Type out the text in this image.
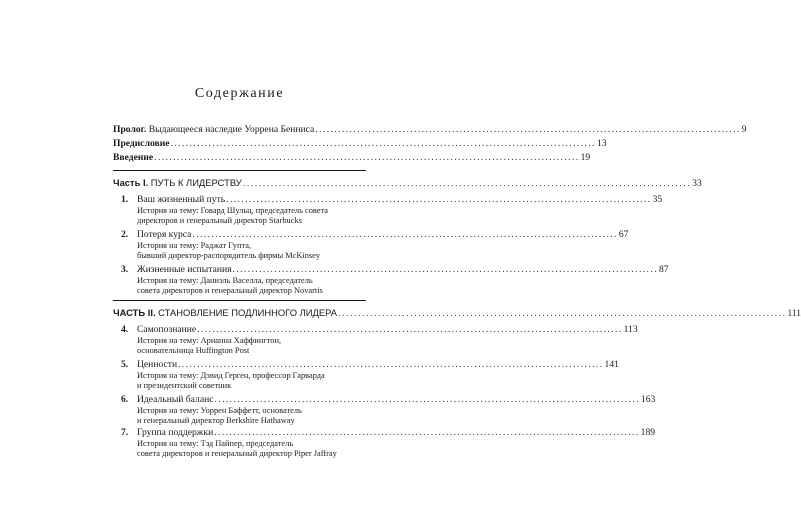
Содержание
Пролог. Выдающееся наследие Уоррена Бенниса ................................................................................................................ 9
Предисловие ................................................................................................................ 13
Введение ................................................................................................................ 19
Часть I. ПУТЬ К ЛИДЕРСТВУ ................................................................................................................ 33
1. Ваш жизненный путь ................................................................................................................ 35
История на тему: Говард Шульц, председатель совета
директоров и генеральный директор Starbucks
2. Потеря курса ................................................................................................................ 67
История на тему: Раджат Гупта,
бывший директор-распорядитель фирмы McKinsey
3. Жизненные испытания ................................................................................................................ 87
История на тему: Даниэль Васелла, председатель
совета директоров и генеральный директор Novartis
ЧАСТЬ II. СТАНОВЛЕНИЕ ПОДЛИННОГО ЛИДЕРА ................................................................................................................ 111
4. Самопознание ................................................................................................................ 113
История на тему: Арианна Хаффингтон,
основательница Huffington Post
5. Ценности ................................................................................................................ 141
История на тему: Дэвид Герген, профессор Гарварда
и президентский советник
6. Идеальный баланс ................................................................................................................ 163
История на тему: Уоррен Баффетт, основатель
и генеральный директор Berkshire Hathaway
7. Группа поддержки ................................................................................................................ 189
История на тему: Тэд Пайпер, председатель
совета директоров и генеральный директор Piper Jaffray
